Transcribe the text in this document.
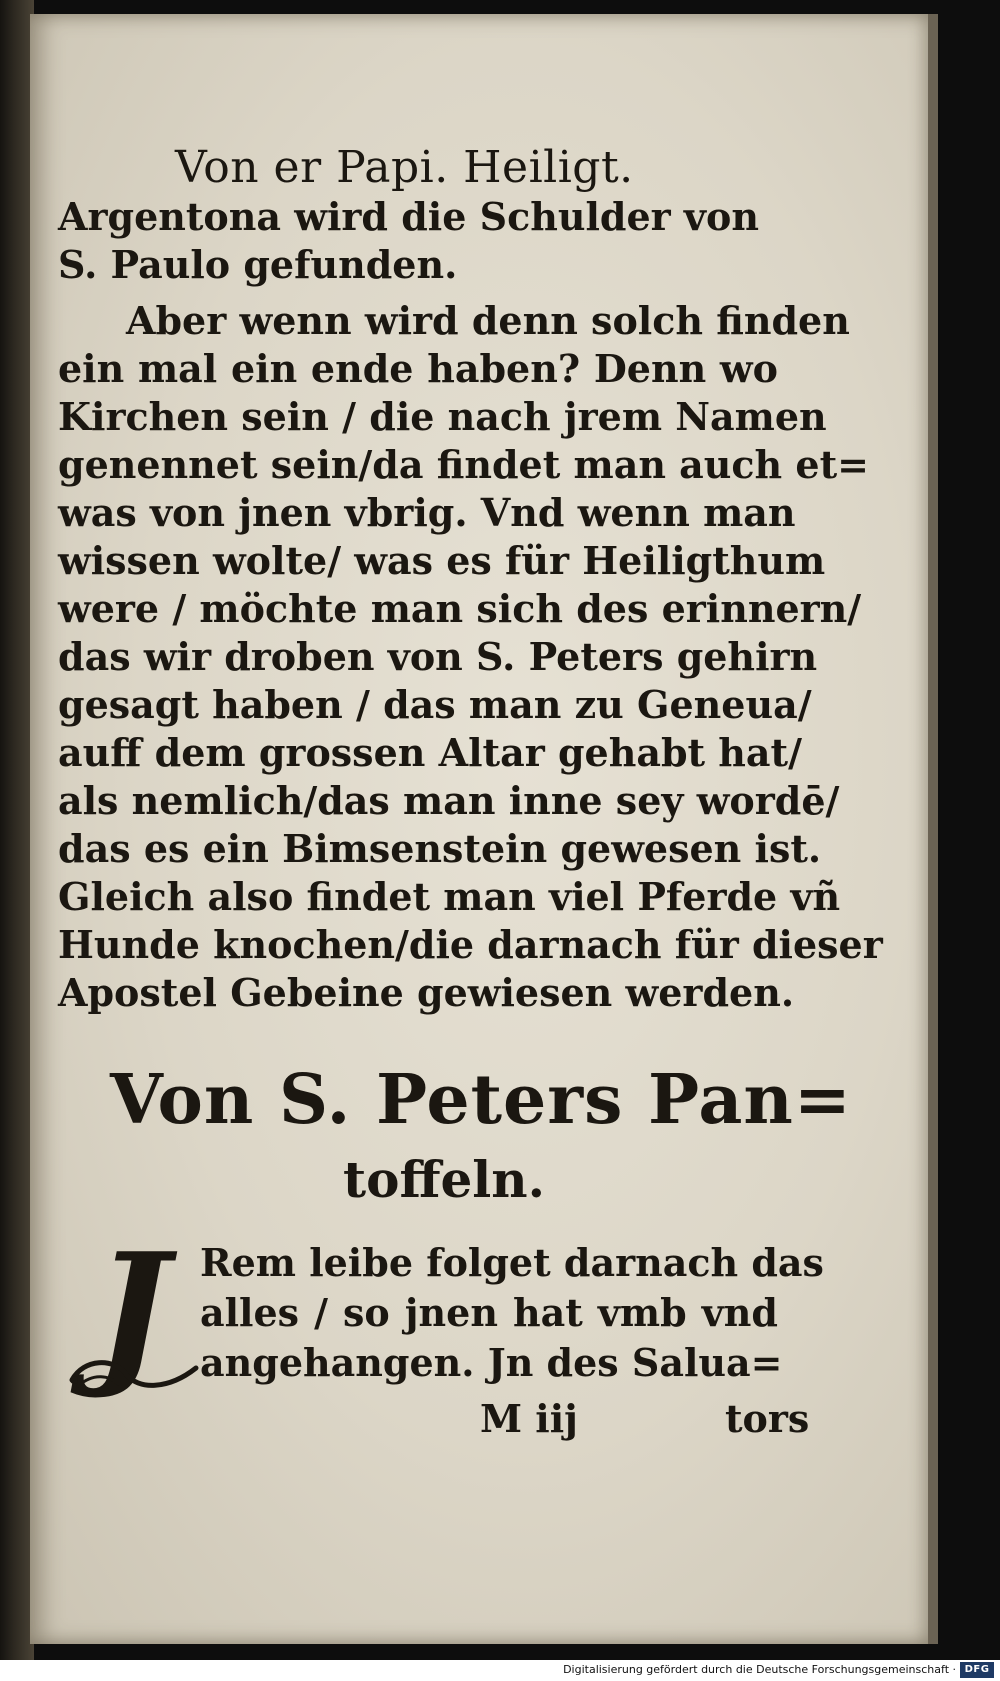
Von er Papi. Heiligt.
Argentona wird die Schulder von
S. Paulo gefunden.
Aber wenn wird denn solch finden
ein mal ein ende haben? Denn wo
Kirchen sein / die nach jrem Namen
genennet sein/da findet man auch et=
was von jnen vbrig. Vnd wenn man
wissen wolte/ was es für Heiligthum
were / möchte man sich des erinnern/
das wir droben von S. Peters gehirn
gesagt haben / das man zu Geneua/
auff dem grossen Altar gehabt hat/
als nemlich/das man inne sey wordē/
das es ein Bimsenstein gewesen ist.
Gleich also findet man viel Pferde vñ
Hunde knochen/die darnach für dieser
Apostel Gebeine gewiesen werden.
Von S. Peters Pan=
toffeln.
J Rem leibe folget darnach das
alles / so jnen hat vmb vnd
angehangen. Jn des Salua=
M iij	tors
Digitalisierung gefördert durch die Deutsche Forschungsgemeinschaft · DFG
